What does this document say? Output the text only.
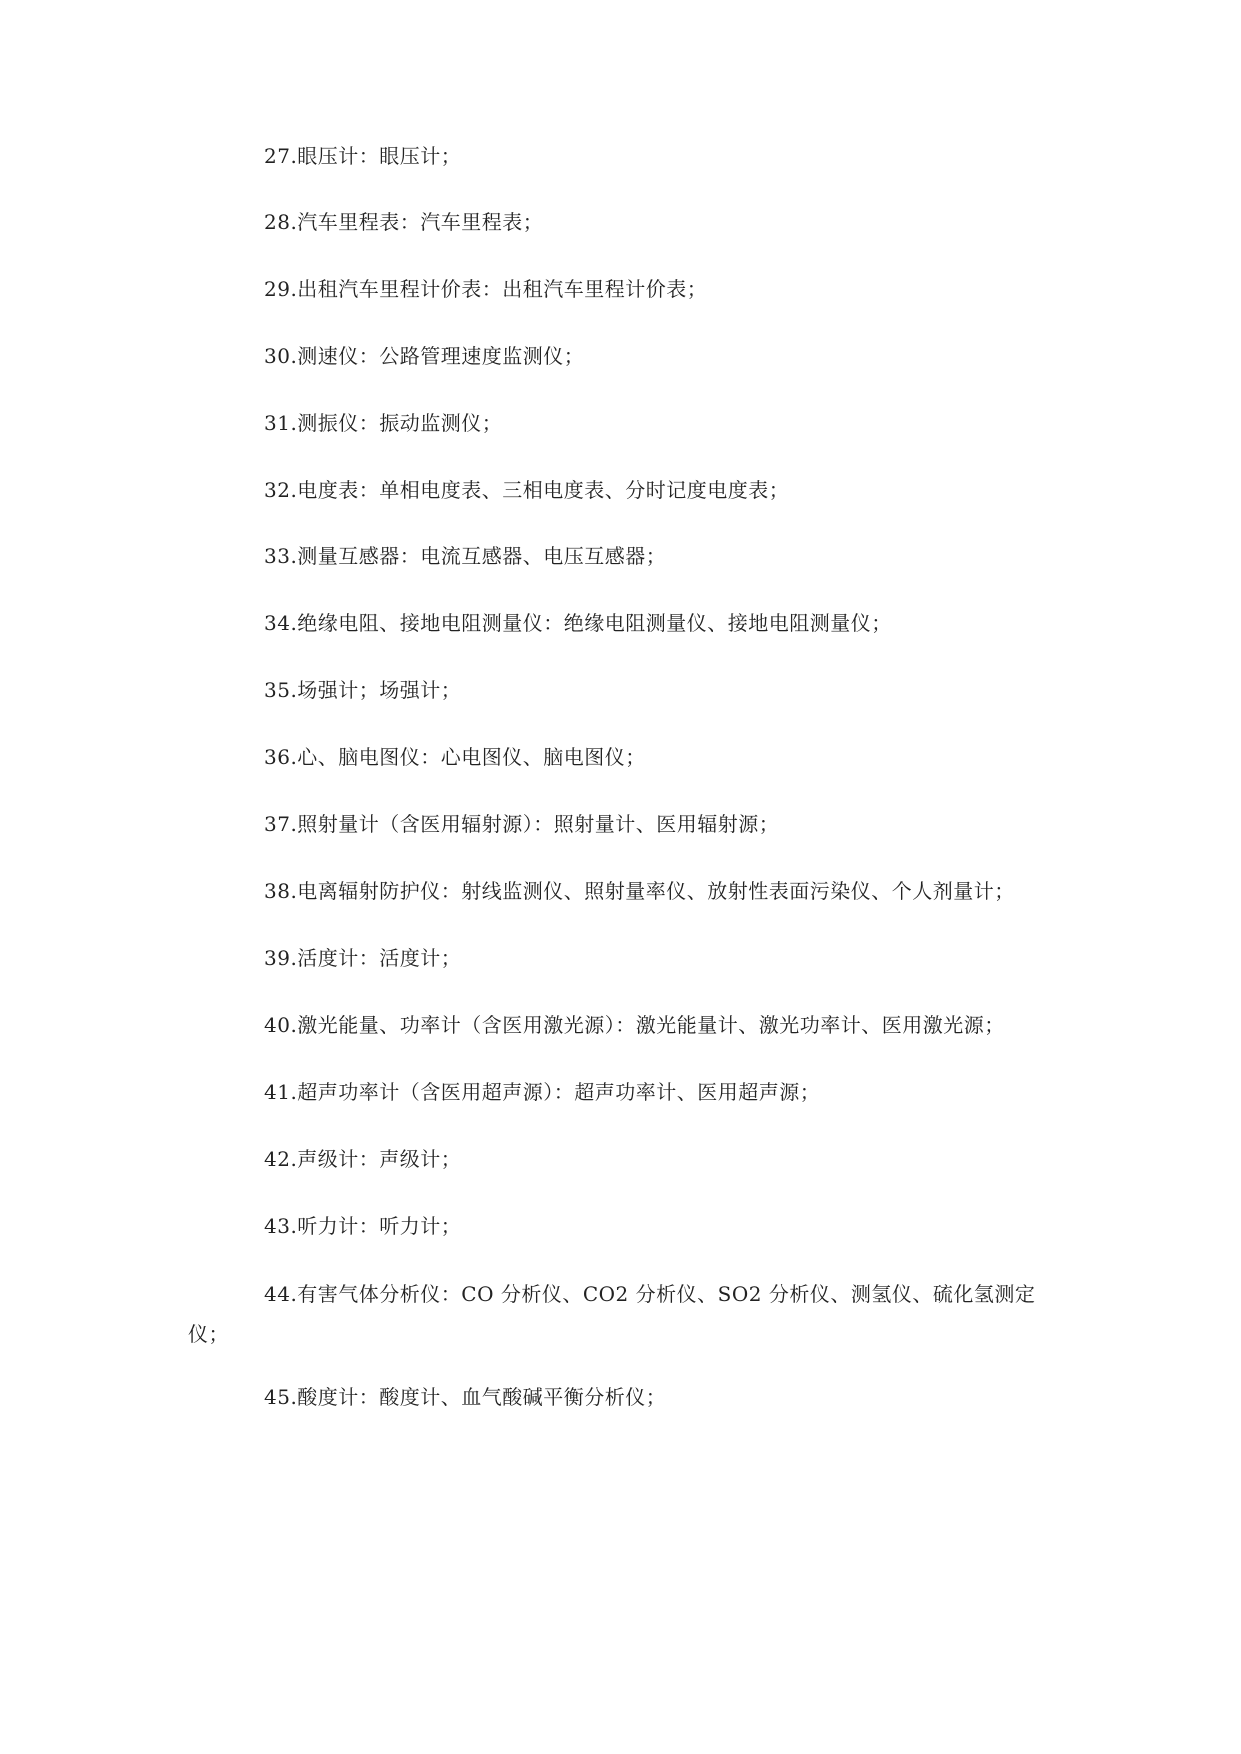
27.眼压计：眼压计；
28.汽车里程表：汽车里程表；
29.出租汽车里程计价表：出租汽车里程计价表；
30.测速仪：公路管理速度监测仪；
31.测振仪：振动监测仪；
32.电度表：单相电度表、三相电度表、分时记度电度表；
33.测量互感器：电流互感器、电压互感器；
34.绝缘电阻、接地电阻测量仪：绝缘电阻测量仪、接地电阻测量仪；
35.场强计；场强计；
36.心、脑电图仪：心电图仪、脑电图仪；
37.照射量计（含医用辐射源）：照射量计、医用辐射源；
38.电离辐射防护仪：射线监测仪、照射量率仪、放射性表面污染仪、个人剂量计；
39.活度计：活度计；
40.激光能量、功率计（含医用激光源）：激光能量计、激光功率计、医用激光源；
41.超声功率计（含医用超声源）：超声功率计、医用超声源；
42.声级计：声级计；
43.听力计：听力计；
44.有害气体分析仪：CO 分析仪、CO2 分析仪、SO2 分析仪、测氢仪、硫化氢测定仪；
45.酸度计：酸度计、血气酸碱平衡分析仪；
